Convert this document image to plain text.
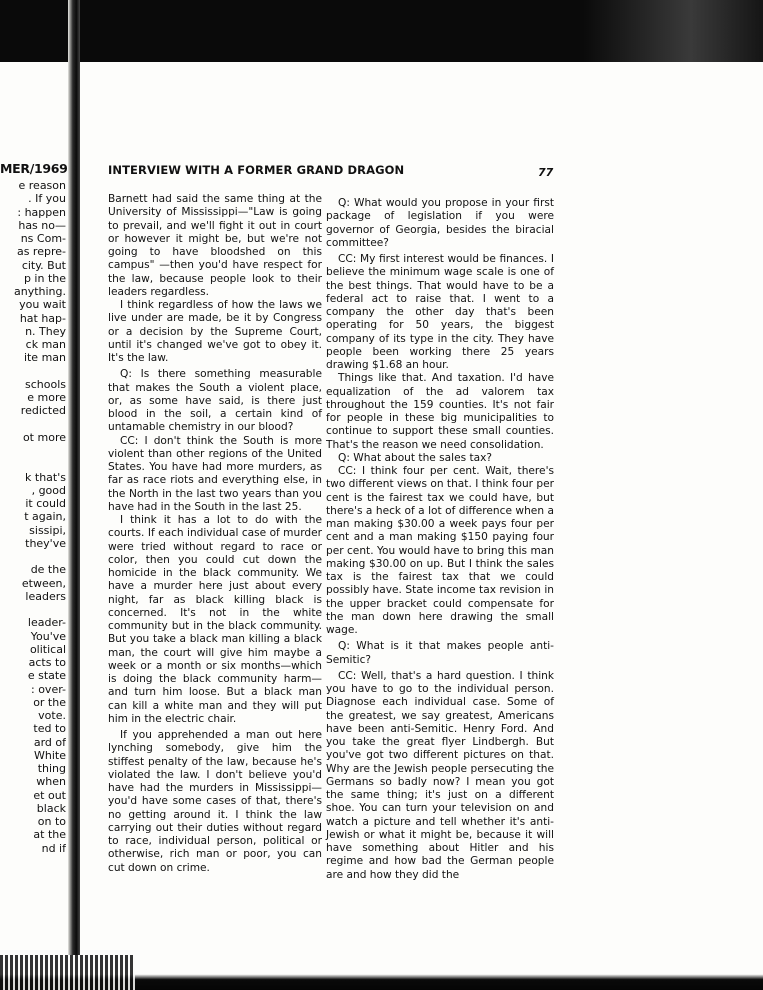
MER/1969
e reason
. If you
: happen
has no—
ns Com-
as repre-
city. But
p in the
anything.
you wait
hat hap-
n. They
ck man
ite man
schools
e more
redicted
ot more
k that's
, good
it could
t again,
sissipi,
they've
de the
etween,
leaders
leader-
You've
olitical
acts to
e state
: over-
or the
vote.
ted to
ard of
White
thing
when
et out
black
on to
at the
nd if
INTERVIEW WITH A FORMER GRAND DRAGON	77

Barnett had said the same thing at the University of Mississippi—"Law is going to prevail, and we'll fight it out in court or however it might be, but we're not going to have bloodshed on this campus" —then you'd have respect for the law, because people look to their leaders regardless.

I think regardless of how the laws we live under are made, be it by Congress or a decision by the Supreme Court, until it's changed we've got to obey it. It's the law.

Q: Is there something measurable that makes the South a violent place, or, as some have said, is there just blood in the soil, a certain kind of untamable chemistry in our blood?

CC: I don't think the South is more violent than other regions of the United States. You have had more murders, as far as race riots and everything else, in the North in the last two years than you have had in the South in the last 25.

I think it has a lot to do with the courts. If each individual case of murder were tried without regard to race or color, then you could cut down the homicide in the black community. We have a murder here just about every night, far as black killing black is concerned. It's not in the white community but in the black community. But you take a black man killing a black man, the court will give him maybe a week or a month or six months—which is doing the black community harm—and turn him loose. But a black man can kill a white man and they will put him in the electric chair.

If you apprehended a man out here lynching somebody, give him the stiffest penalty of the law, because he's violated the law. I don't believe you'd have had the murders in Mississippi—you'd have some cases of that, there's no getting around it. I think the law carrying out their duties without regard to race, individual person, political or otherwise, rich man or poor, you can cut down on crime.

Q: What would you propose in your first package of legislation if you were governor of Georgia, besides the biracial committee?

CC: My first interest would be finances. I believe the minimum wage scale is one of the best things. That would have to be a federal act to raise that. I went to a company the other day that's been operating for 50 years, the biggest company of its type in the city. They have people been working there 25 years drawing $1.68 an hour.

Things like that. And taxation. I'd have equalization of the ad valorem tax throughout the 159 counties. It's not fair for people in these big municipalities to continue to support these small counties. That's the reason we need consolidation.

Q: What about the sales tax?

CC: I think four per cent. Wait, there's two different views on that. I think four per cent is the fairest tax we could have, but there's a heck of a lot of difference when a man making $30.00 a week pays four per cent and a man making $150 paying four per cent. You would have to bring this man making $30.00 on up. But I think the sales tax is the fairest tax that we could possibly have. State income tax revision in the upper bracket could compensate for the man down here drawing the small wage.

Q: What is it that makes people anti-Semitic?

CC: Well, that's a hard question. I think you have to go to the individual person. Diagnose each individual case. Some of the greatest, we say greatest, Americans have been anti-Semitic. Henry Ford. And you take the great flyer Lindbergh. But you've got two different pictures on that. Why are the Jewish people persecuting the Germans so badly now? I mean you got the same thing; it's just on a different shoe. You can turn your television on and watch a picture and tell whether it's anti-Jewish or what it might be, because it will have something about Hitler and his regime and how bad the German people are and how they did the
